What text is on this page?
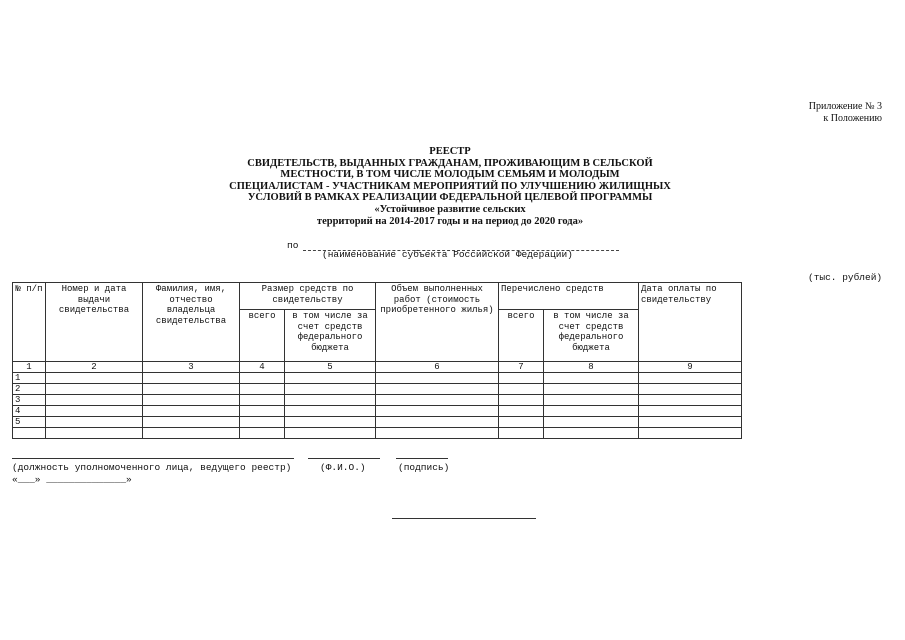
Приложение № 3
к Положению
РЕЕСТР
СВИДЕТЕЛЬСТВ, ВЫДАННЫХ ГРАЖДАНАМ, ПРОЖИВАЮЩИМ В СЕЛЬСКОЙ
МЕСТНОСТИ, В ТОМ ЧИСЛЕ МОЛОДЫМ СЕМЬЯМ И МОЛОДЫМ
СПЕЦИАЛИСТАМ - УЧАСТНИКАМ МЕРОПРИЯТИЙ ПО УЛУЧШЕНИЮ ЖИЛИЩНЫХ
УСЛОВИЙ В РАМКАХ РЕАЛИЗАЦИИ ФЕДЕРАЛЬНОЙ ЦЕЛЕВОЙ ПРОГРАММЫ
«Устойчивое развитие сельских
территорий на 2014-2017 годы и на период до 2020 года»
по
(наименование субъекта Российской Федерации)
(тыс. рублей)
№ п/п	Номер и дата выдачи свидетельства	Фамилия, имя, отчество владельца свидетельства	Размер средств по свидетельству		Объем выполненных работ (стоимость приобретенного жилья)	Перечислено средств		Дата оплаты по свидетельству
			всего	в том числе за счет средств федерального бюджета		всего	в том числе за счет средств федерального бюджета	
1	2	3	4	5	6	7	8	9
1								
2								
3								
4								
5								

(должность уполномоченного лица, ведущего реестр)	(Ф.И.О.)	(подпись)
«___» ______________»
